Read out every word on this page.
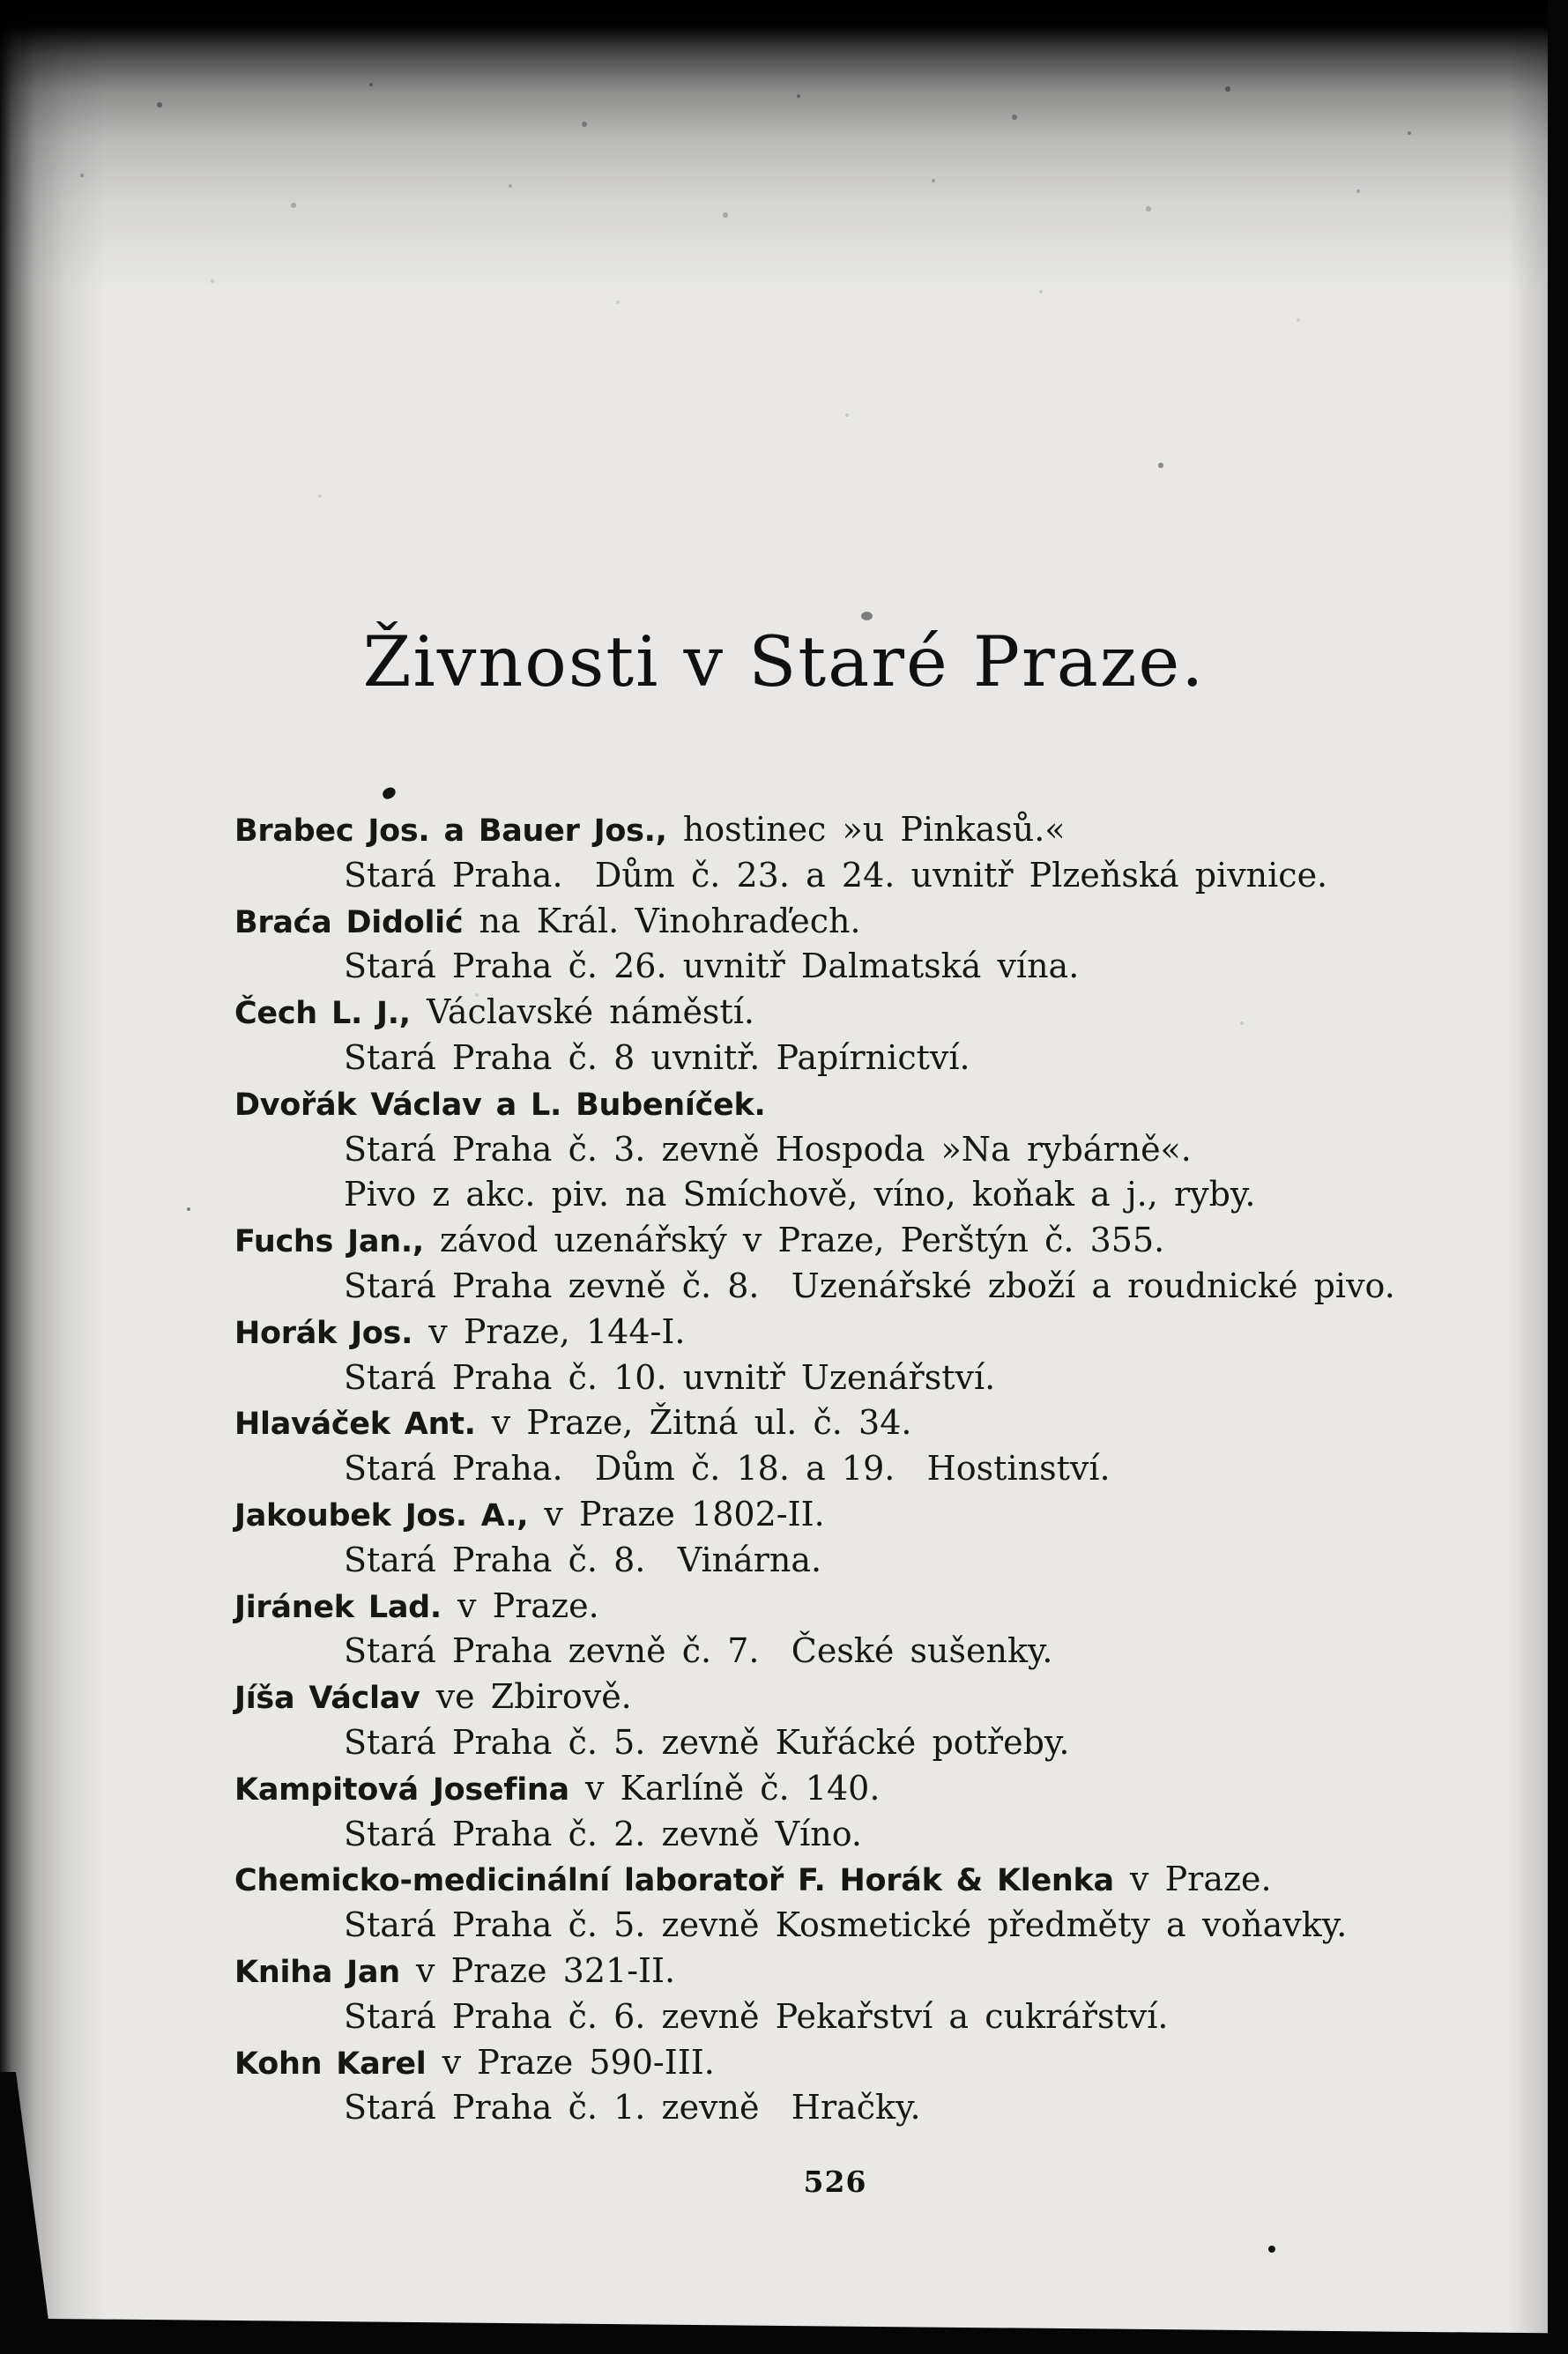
Živnosti v Staré Praze.
Brabec Jos. a Bauer Jos., hostinec »u Pinkasů.«
Stará Praha.  Dům č. 23. a 24. uvnitř Plzeňská pivnice.
Braća Didolić na Král. Vinohraďech.
Stará Praha č. 26. uvnitř Dalmatská vína.
Čech L. J., Václavské náměstí.
Stará Praha č. 8 uvnitř. Papírnictví.
Dvořák Václav a L. Bubeníček.
Stará Praha č. 3. zevně Hospoda »Na rybárně«.
Pivo z akc. piv. na Smíchově, víno, koňak a j., ryby.
Fuchs Jan., závod uzenářský v Praze, Perštýn č. 355.
Stará Praha zevně č. 8.  Uzenářské zboží a roudnické pivo.
Horák Jos. v Praze, 144-I.
Stará Praha č. 10. uvnitř Uzenářství.
Hlaváček Ant. v Praze, Žitná ul. č. 34.
Stará Praha.  Dům č. 18. a 19.  Hostinství.
Jakoubek Jos. A., v Praze 1802-II.
Stará Praha č. 8.  Vinárna.
Jiránek Lad. v Praze.
Stará Praha zevně č. 7.  České sušenky.
Jíša Václav ve Zbirově.
Stará Praha č. 5. zevně Kuřácké potřeby.
Kampitová Josefina v Karlíně č. 140.
Stará Praha č. 2. zevně Víno.
Chemicko-medicinální laboratoř F. Horák & Klenka v Praze.
Stará Praha č. 5. zevně Kosmetické předměty a voňavky.
Kniha Jan v Praze 321-II.
Stará Praha č. 6. zevně Pekařství a cukrářství.
Kohn Karel v Praze 590-III.
Stará Praha č. 1. zevně  Hračky.
526
